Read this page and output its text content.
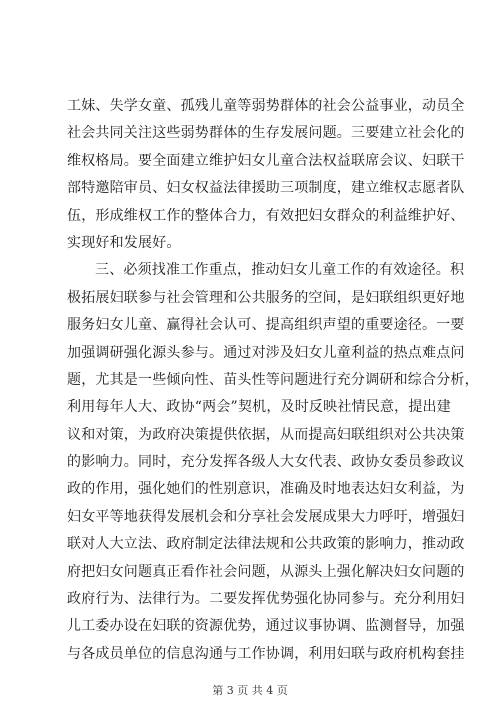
工妹、失学女童、孤残儿童等弱势群体的社会公益事业，动员全
社会共同关注这些弱势群体的生存发展问题。三要建立社会化的
维权格局。要全面建立维护妇女儿童合法权益联席会议、妇联干
部特邀陪审员、妇女权益法律援助三项制度，建立维权志愿者队
伍，形成维权工作的整体合力，有效把妇女群众的利益维护好、
实现好和发展好。
三、必须找准工作重点，推动妇女儿童工作的有效途径。积
极拓展妇联参与社会管理和公共服务的空间，是妇联组织更好地
服务妇女儿童、赢得社会认可、提高组织声望的重要途径。一要
加强调研强化源头参与。通过对涉及妇女儿童利益的热点难点问
题，尤其是一些倾向性、苗头性等问题进行充分调研和综合分析，
利用每年人大、政协“两会”契机，及时反映社情民意，提出建
议和对策，为政府决策提供依据，从而提高妇联组织对公共决策
的影响力。同时，充分发挥各级人大女代表、政协女委员参政议
政的作用，强化她们的性别意识，准确及时地表达妇女利益，为
妇女平等地获得发展机会和分享社会发展成果大力呼吁，增强妇
联对人大立法、政府制定法律法规和公共政策的影响力，推动政
府把妇女问题真正看作社会问题，从源头上强化解决妇女问题的
政府行为、法律行为。二要发挥优势强化协同参与。充分利用妇
儿工委办设在妇联的资源优势，通过议事协调、监测督导，加强
与各成员单位的信息沟通与工作协调，利用妇联与政府机构套挂
第 3 页 共 4 页
